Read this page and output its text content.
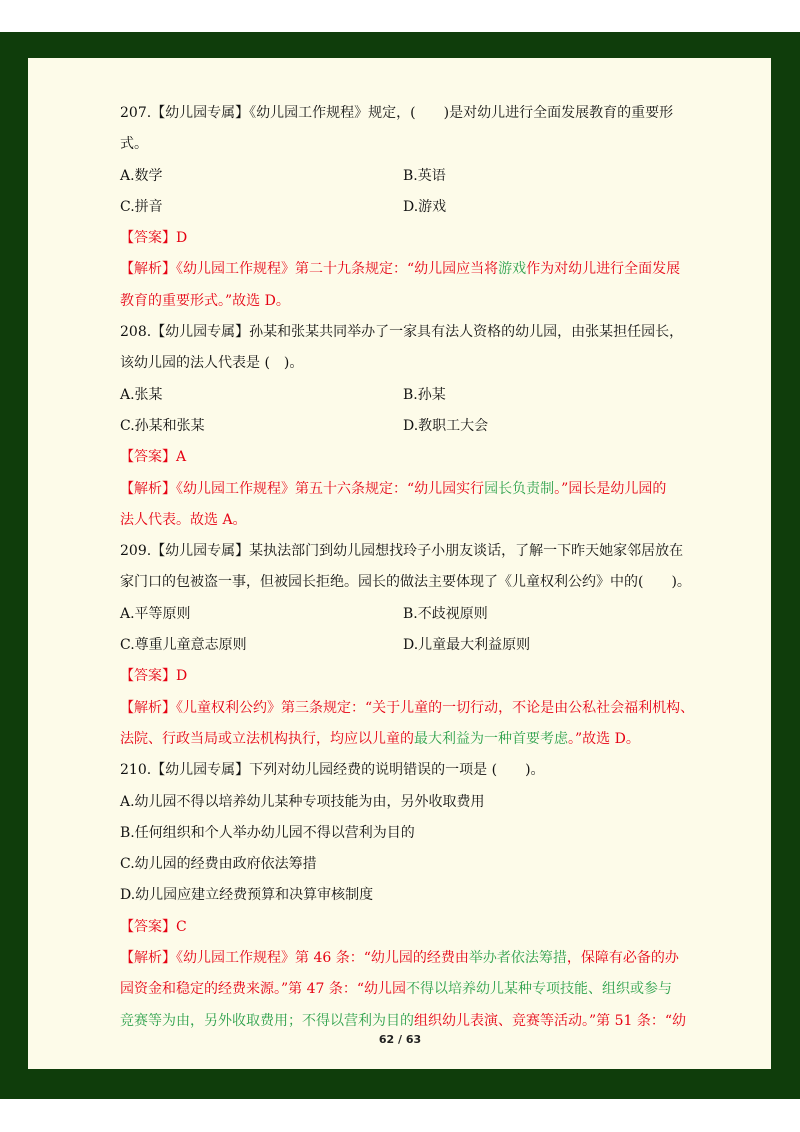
207.【幼儿园专属】《幼儿园工作规程》规定，(　　)是对幼儿进行全面发展教育的重要形
式。
A.数学	B.英语
C.拼音	D.游戏
【答案】D
【解析】《幼儿园工作规程》第二十九条规定：“幼儿园应当将游戏作为对幼儿进行全面发展
教育的重要形式。”故选 D。
208.【幼儿园专属】孙某和张某共同举办了一家具有法人资格的幼儿园，由张某担任园长，
该幼儿园的法人代表是 (　)。
A.张某	B.孙某
C.孙某和张某	D.教职工大会
【答案】A
【解析】《幼儿园工作规程》第五十六条规定：“幼儿园实行园长负责制。”园长是幼儿园的
法人代表。故选 A。
209.【幼儿园专属】某执法部门到幼儿园想找玲子小朋友谈话，了解一下昨天她家邻居放在
家门口的包被盗一事，但被园长拒绝。园长的做法主要体现了《儿童权利公约》中的(　　)。
A.平等原则	B.不歧视原则
C.尊重儿童意志原则	D.儿童最大利益原则
【答案】D
【解析】《儿童权利公约》第三条规定：“关于儿童的一切行动，不论是由公私社会福利机构、
法院、行政当局或立法机构执行，均应以儿童的最大利益为一种首要考虑。”故选 D。
210.【幼儿园专属】下列对幼儿园经费的说明错误的一项是 (　　)。
A.幼儿园不得以培养幼儿某种专项技能为由，另外收取费用
B.任何组织和个人举办幼儿园不得以营利为目的
C.幼儿园的经费由政府依法筹措
D.幼儿园应建立经费预算和决算审核制度
【答案】C
【解析】《幼儿园工作规程》第 46 条：“幼儿园的经费由举办者依法筹措，保障有必备的办
园资金和稳定的经费来源。”第 47 条：“幼儿园不得以培养幼儿某种专项技能、组织或参与
竞赛等为由，另外收取费用；不得以营利为目的组织幼儿表演、竞赛等活动。”第 51 条：“幼
62 / 63
